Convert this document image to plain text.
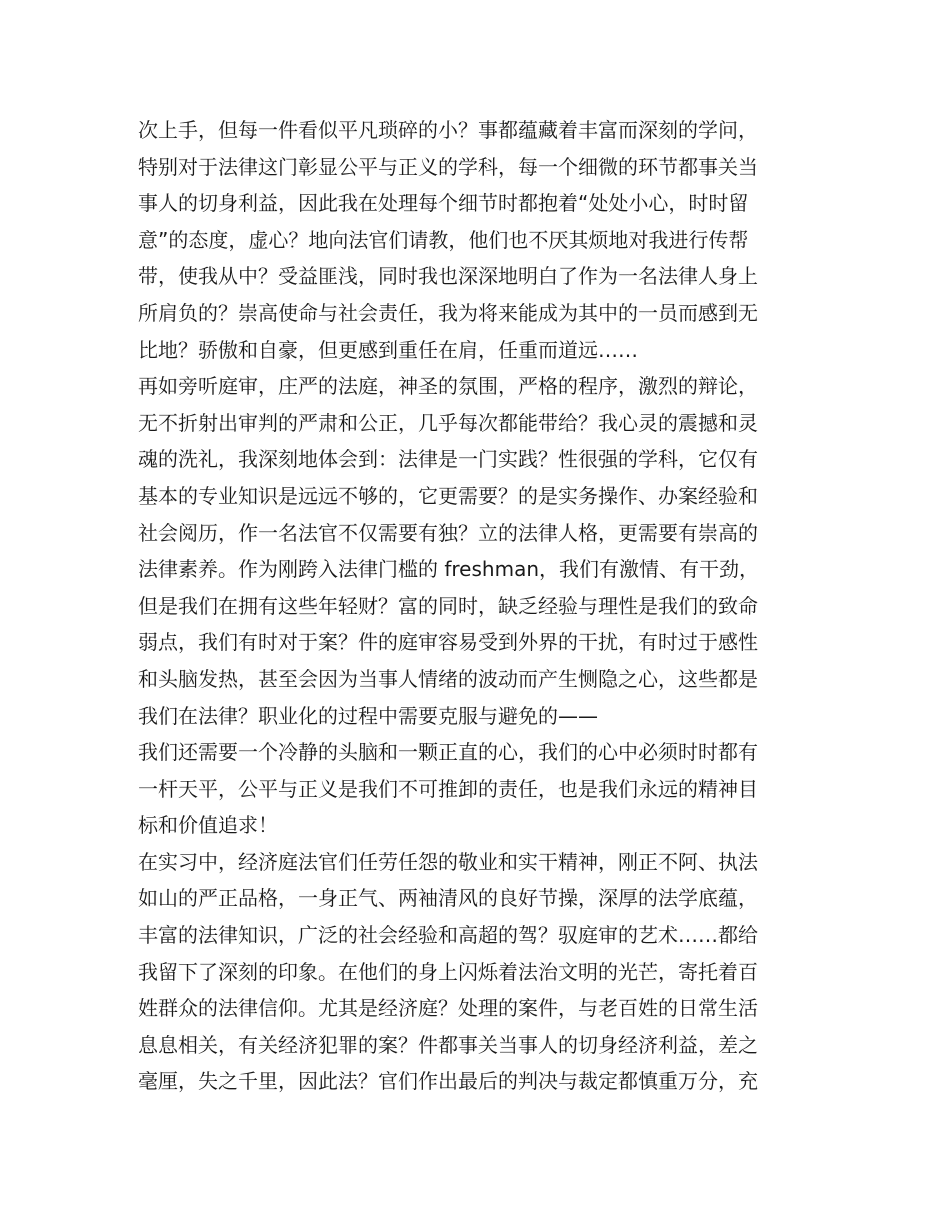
次上手，但每一件看似平凡琐碎的小？事都蕴藏着丰富而深刻的学问，
特别对于法律这门彰显公平与正义的学科，每一个细微的环节都事关当
事人的切身利益，因此我在处理每个细节时都抱着“处处小心，时时留
意”的态度，虚心？地向法官们请教，他们也不厌其烦地对我进行传帮
带，使我从中？受益匪浅，同时我也深深地明白了作为一名法律人身上
所肩负的？崇高使命与社会责任，我为将来能成为其中的一员而感到无
比地？骄傲和自豪，但更感到重任在肩，任重而道远……
再如旁听庭审，庄严的法庭，神圣的氛围，严格的程序，激烈的辩论，
无不折射出审判的严肃和公正，几乎每次都能带给？我心灵的震撼和灵
魂的洗礼，我深刻地体会到：法律是一门实践？性很强的学科，它仅有
基本的专业知识是远远不够的，它更需要？的是实务操作、办案经验和
社会阅历，作一名法官不仅需要有独？立的法律人格，更需要有崇高的
法律素养。作为刚跨入法律门槛的 freshman，我们有激情、有干劲，
但是我们在拥有这些年轻财？富的同时，缺乏经验与理性是我们的致命
弱点，我们有时对于案？件的庭审容易受到外界的干扰，有时过于感性
和头脑发热，甚至会因为当事人情绪的波动而产生恻隐之心，这些都是
我们在法律？职业化的过程中需要克服与避免的——
我们还需要一个冷静的头脑和一颗正直的心，我们的心中必须时时都有
一杆天平，公平与正义是我们不可推卸的责任，也是我们永远的精神目
标和价值追求！
在实习中，经济庭法官们任劳任怨的敬业和实干精神，刚正不阿、执法
如山的严正品格，一身正气、两袖清风的良好节操，深厚的法学底蕴，
丰富的法律知识，广泛的社会经验和高超的驾？驭庭审的艺术……都给
我留下了深刻的印象。在他们的身上闪烁着法治文明的光芒，寄托着百
姓群众的法律信仰。尤其是经济庭？处理的案件，与老百姓的日常生活
息息相关，有关经济犯罪的案？件都事关当事人的切身经济利益，差之
毫厘，失之千里，因此法？官们作出最后的判决与裁定都慎重万分，充
